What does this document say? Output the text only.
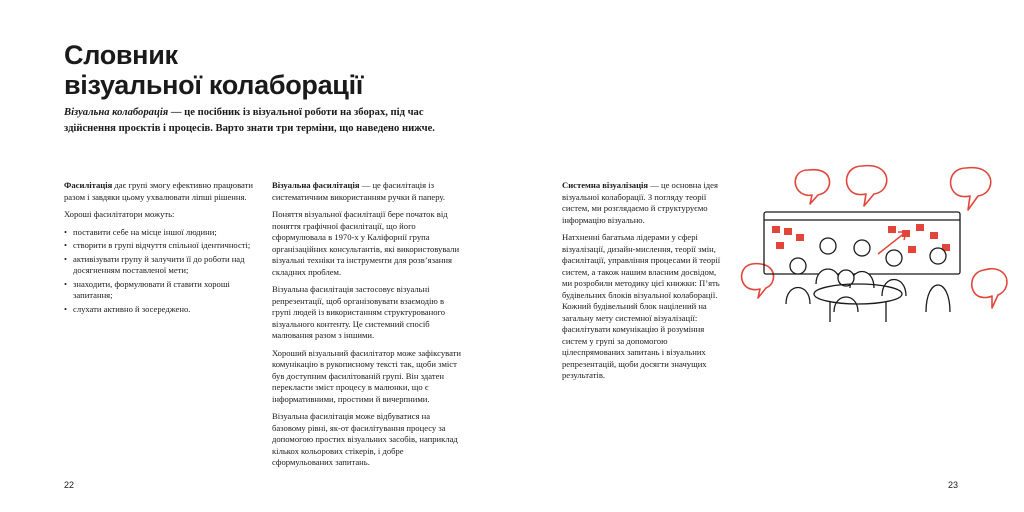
Словник
візуальної колаборації

Візуальна колаборація — це посібник із візуальної роботи на зборах, під час здійснення проєктів і процесів. Варто знати три терміни, що наведено нижче.

Фасилітація дає групі змогу ефективно працювати разом і завдяки цьому ухвалювати ліпші рішення.

Хороші фасилітатори можуть:

• поставити себе на місце іншої людини;
• створити в групі відчуття спільної ідентичності;
• активізувати групу й залучити її до роботи над досягненням поставленої мети;
• знаходити, формулювати й ставити хороші запитання;
• слухати активно й зосереджено.

Візуальна фасилітація — це фасилітація із систематичним використанням ручки й паперу.

Поняття візуальної фасилітації бере початок від поняття графічної фасилітації, що його сформулювала в 1970-х у Каліфорнії група організаційних консультантів, які використовували візуальні техніки та інструменти для розв’язання складних проблем.

Візуальна фасилітація застосовує візуальні репрезентації, щоб організовувати взаємодію в групі людей із використанням структурованого візуального контенту. Це системний спосіб малювання разом з іншими.

Хороший візуальний фасилітатор може зафіксувати комунікацію в рукописному тексті так, щоби зміст був доступним фасилітованій групі. Він здатен перекласти зміст процесу в малюнки, що є інформативними, простими й вичерпними.

Візуальна фасилітація може відбуватися на базовому рівні, як-от фасилітування процесу за допомогою простих візуальних засобів, наприклад кількох кольорових стікерів, і добре сформульованих запитань.

Системна візуалізація — це основна ідея візуальної колаборації. З погляду теорії систем, ми розглядаємо й структуруємо інформацію візуально.

Натхненні багатьма лідерами у сфері візуалізації, дизайн-мислення, теорії змін, фасилітації, управління процесами й теорії систем, а також нашим власним досвідом, ми розробили методику цієї книжки: П’ять будівельних блоків візуальної колаборації. Кожний будівельний блок націлений на загальну мету системної візуалізації: фасилітувати комунікацію й розуміння систем у групі за допомогою цілеспрямованих запитань і візуальних репрезентацій, щоби досягти значущих результатів.

22	23
